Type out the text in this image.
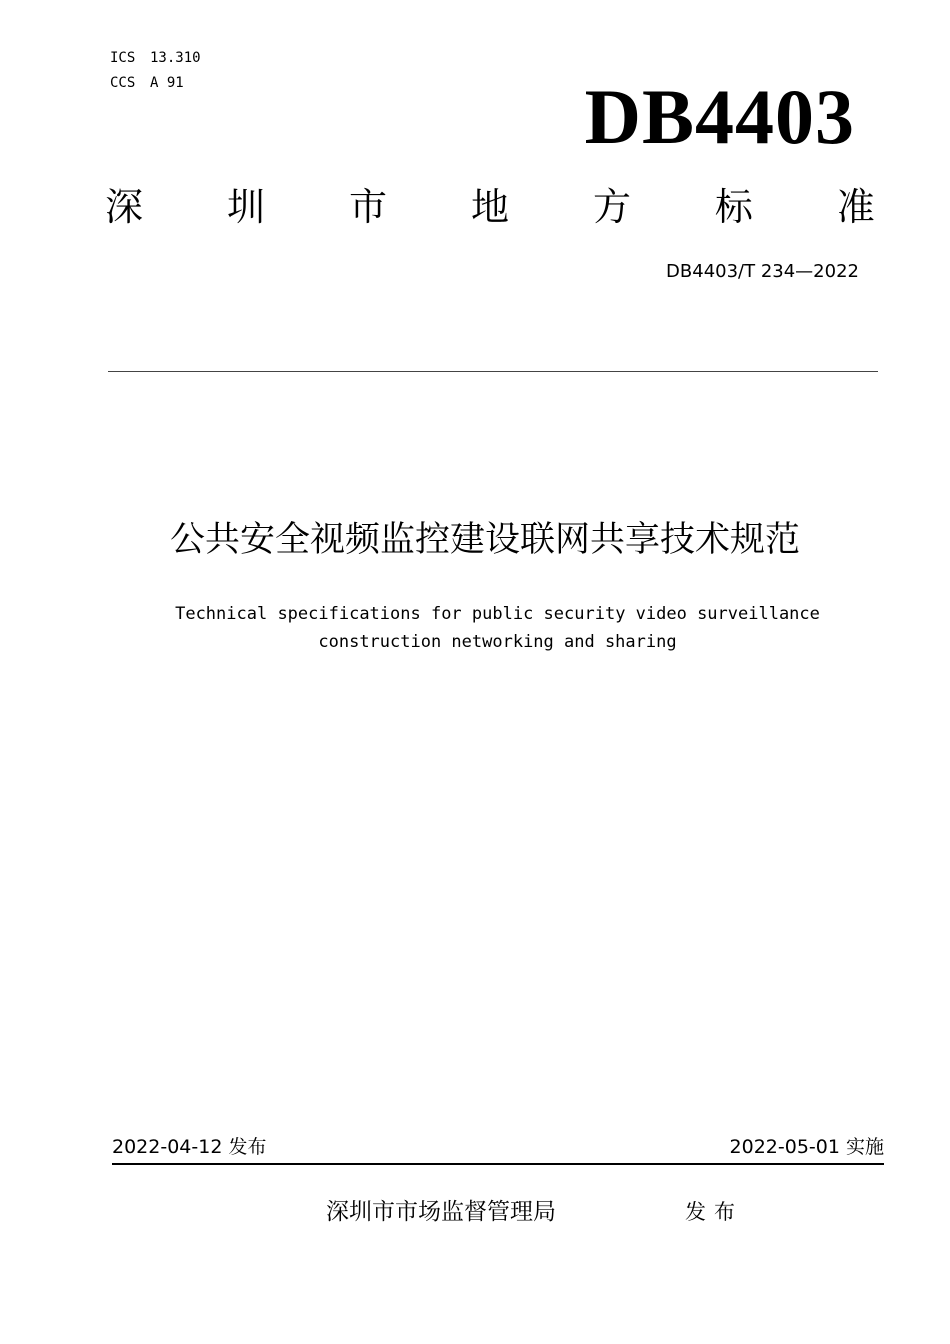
ICS	13.310
CCS	A 91	DB4403
深 圳 市 地 方 标 准
DB4403/T 234—2022
公共安全视频监控建设联网共享技术规范
Technical specifications for public security video surveillance
construction networking and sharing
2022-04-12 发布	2022-05-01 实施
深圳市市场监督管理局	发布
